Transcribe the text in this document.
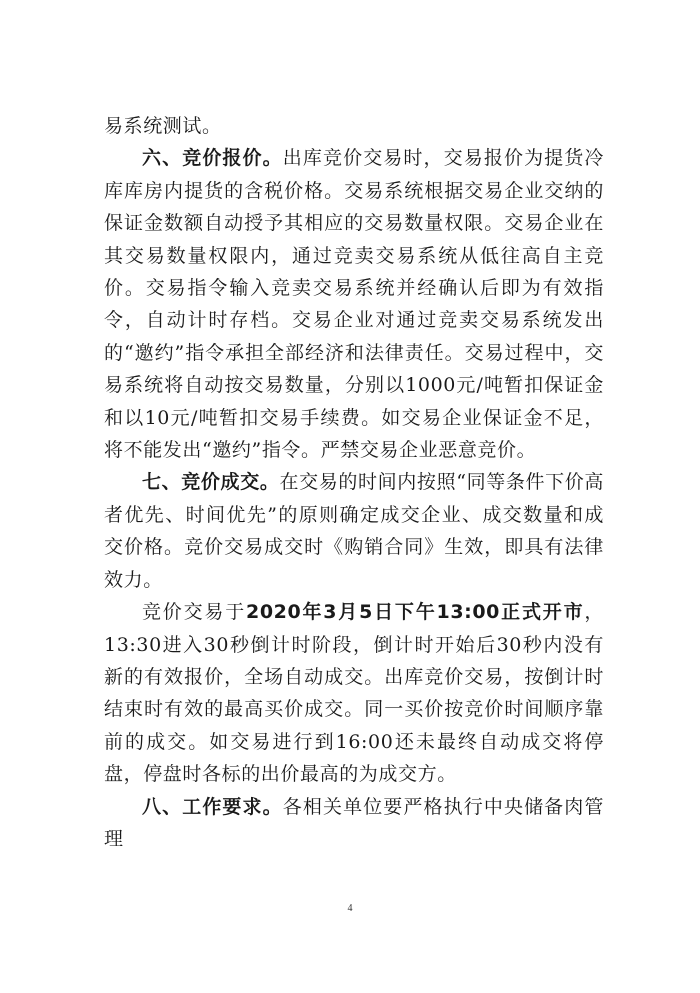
易系统测试。

六、竞价报价。出库竞价交易时，交易报价为提货冷库库房内提货的含税价格。交易系统根据交易企业交纳的保证金数额自动授予其相应的交易数量权限。交易企业在其交易数量权限内，通过竞卖交易系统从低往高自主竞价。交易指令输入竞卖交易系统并经确认后即为有效指令，自动计时存档。交易企业对通过竞卖交易系统发出的“邀约”指令承担全部经济和法律责任。交易过程中，交易系统将自动按交易数量，分别以1000元/吨暂扣保证金和以10元/吨暂扣交易手续费。如交易企业保证金不足，将不能发出“邀约”指令。严禁交易企业恶意竞价。

七、竞价成交。在交易的时间内按照“同等条件下价高者优先、时间优先”的原则确定成交企业、成交数量和成交价格。竞价交易成交时《购销合同》生效，即具有法律效力。

竞价交易于2020年3月5日下午13:00正式开市，13:30进入30秒倒计时阶段，倒计时开始后30秒内没有新的有效报价，全场自动成交。出库竞价交易，按倒计时结束时有效的最高买价成交。同一买价按竞价时间顺序靠前的成交。如交易进行到16:00还未最终自动成交将停盘，停盘时各标的出价最高的为成交方。

八、工作要求。各相关单位要严格执行中央储备肉管理

4
